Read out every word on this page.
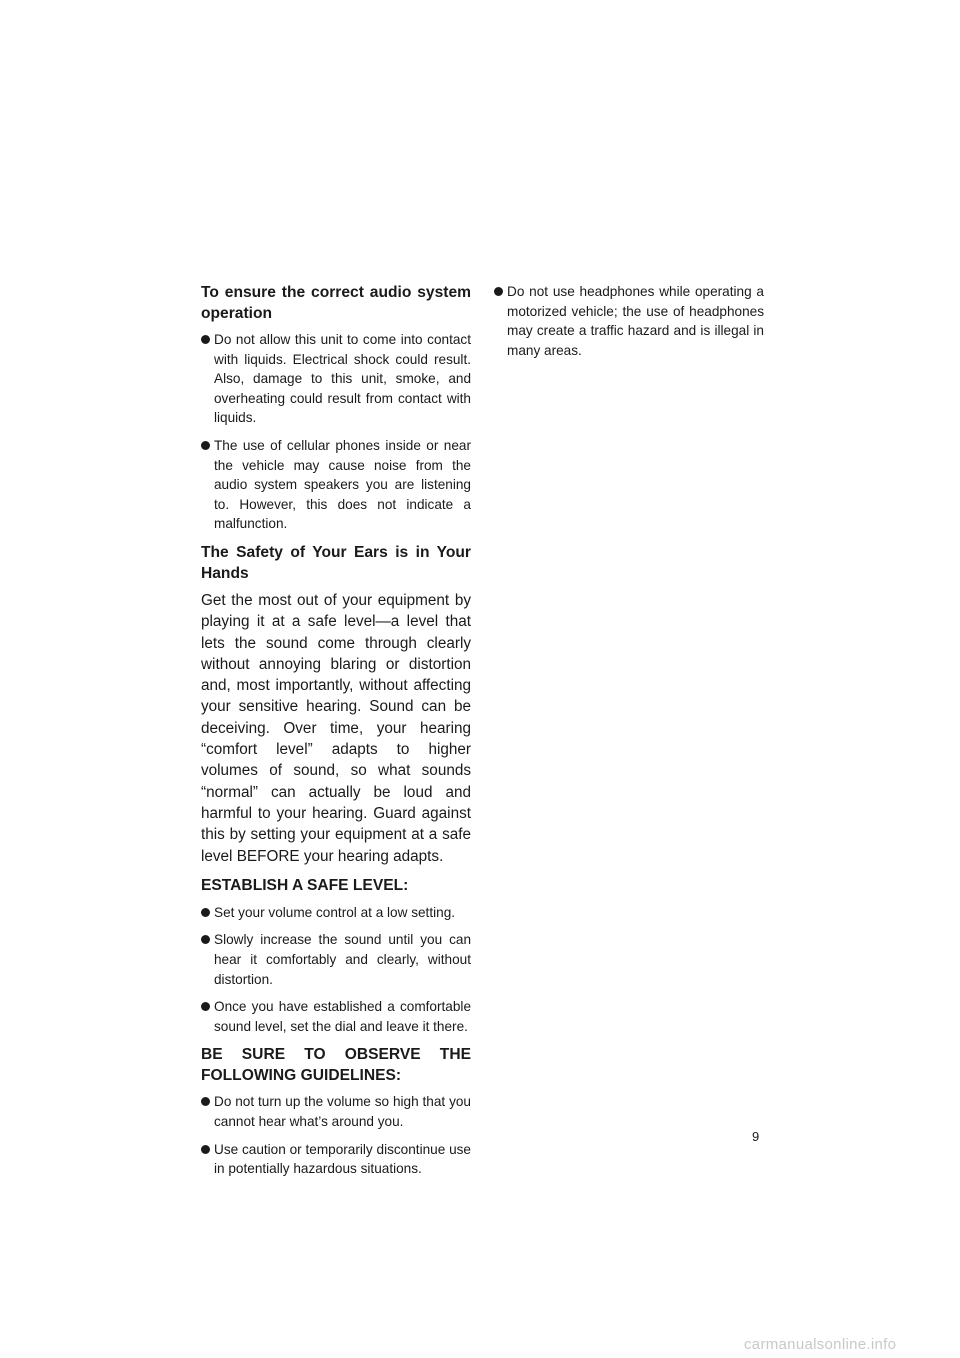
To ensure the correct audio system operation
Do not allow this unit to come into contact with liquids. Electrical shock could result. Also, damage to this unit, smoke, and overheating could result from contact with liquids.
The use of cellular phones inside or near the vehicle may cause noise from the audio system speakers you are listening to. However, this does not indicate a malfunction.
The Safety of Your Ears is in Your Hands
Get the most out of your equipment by playing it at a safe level—a level that lets the sound come through clearly without annoying blaring or distortion and, most importantly, without affecting your sensitive hearing. Sound can be deceiving. Over time, your hearing “comfort level” adapts to higher volumes of sound, so what sounds “normal” can actually be loud and harmful to your hearing. Guard against this by setting your equipment at a safe level BEFORE your hearing adapts.
ESTABLISH A SAFE LEVEL:
Set your volume control at a low setting.
Slowly increase the sound until you can hear it comfortably and clearly, without distortion.
Once you have established a comfortable sound level, set the dial and leave it there.
BE SURE TO OBSERVE THE FOLLOWING GUIDELINES:
Do not turn up the volume so high that you cannot hear what’s around you.
Use caution or temporarily discontinue use in potentially hazardous situations.
Do not use headphones while operating a motorized vehicle; the use of headphones may create a traffic hazard and is illegal in many areas.
9
carmanualsonline.info
